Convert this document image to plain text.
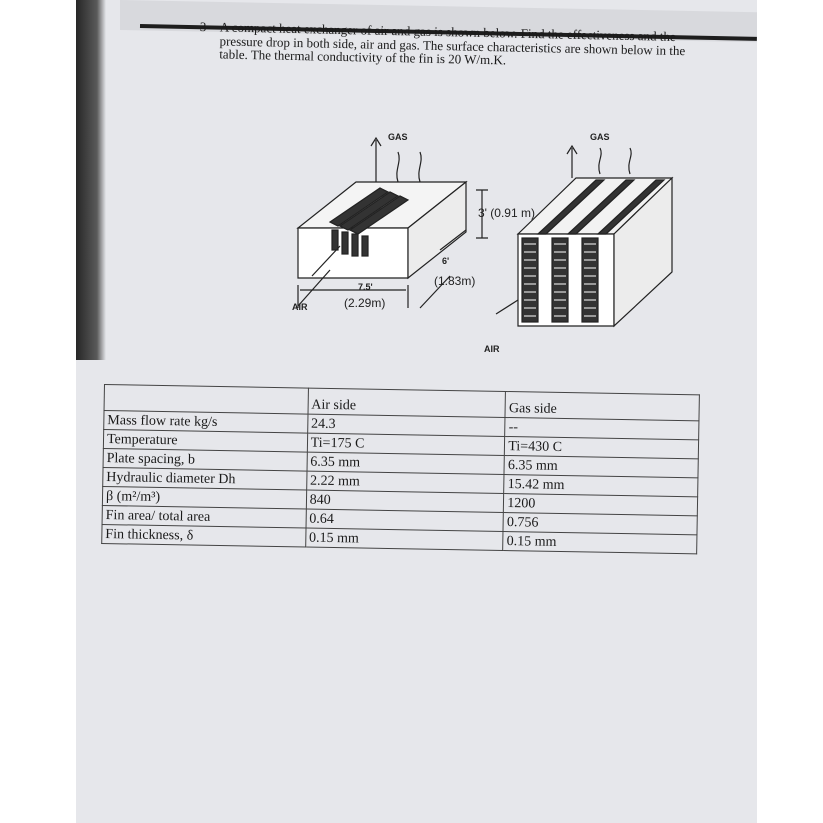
3- A compact heat exchanger of air and gas is shown below. Find the effectiveness and the pressure drop in both side, air and gas. The surface characteristics are shown below in the table. The thermal conductivity of the fin is 20 W/m.K.
GAS	GAS
AIR
AIR
7.5'
(2.29m)
6'
(1.83m)
3' (0.91 m)
	Air side	Gas side
Mass flow rate kg/s	24.3	--
Temperature	Ti=175 C	Ti=430 C
Plate spacing, b	6.35 mm	6.35 mm
Hydraulic diameter Dh	2.22 mm	15.42 mm
β (m²/m³)	840	1200
Fin area/ total area	0.64	0.756
Fin thickness, δ	0.15 mm	0.15 mm
